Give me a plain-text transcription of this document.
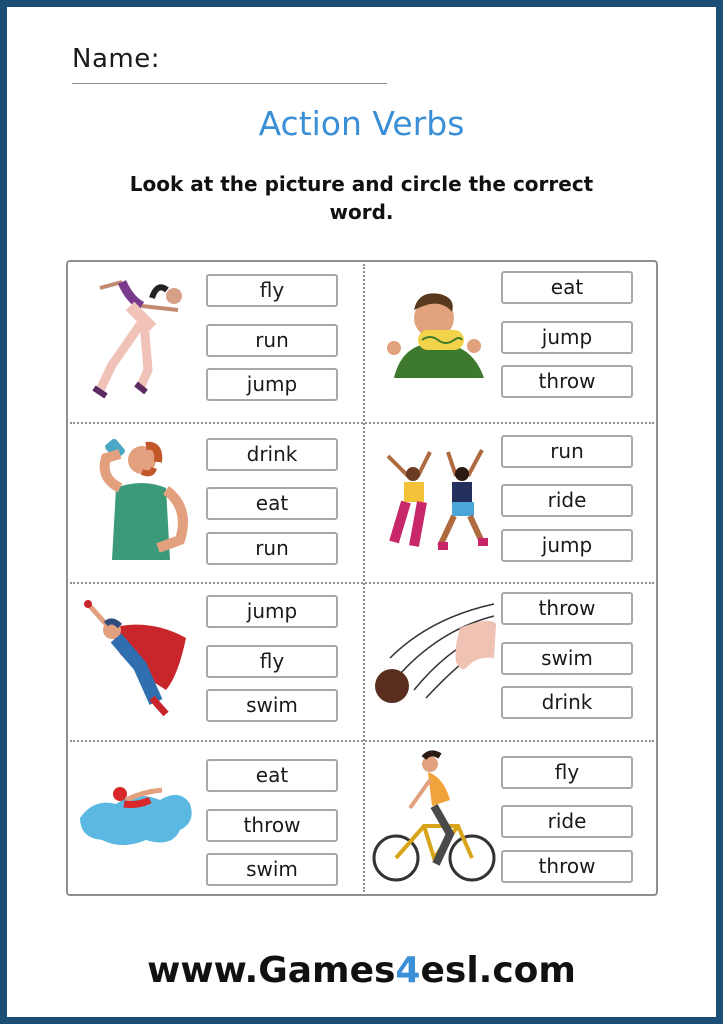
Name:
Action Verbs
Look at the picture and circle the correct word.
fly
run
jump
eat
jump
throw
drink
eat
run
run
ride
jump
jump
fly
swim
throw
swim
drink
eat
throw
swim
fly
ride
throw
www.Games4esl.com
